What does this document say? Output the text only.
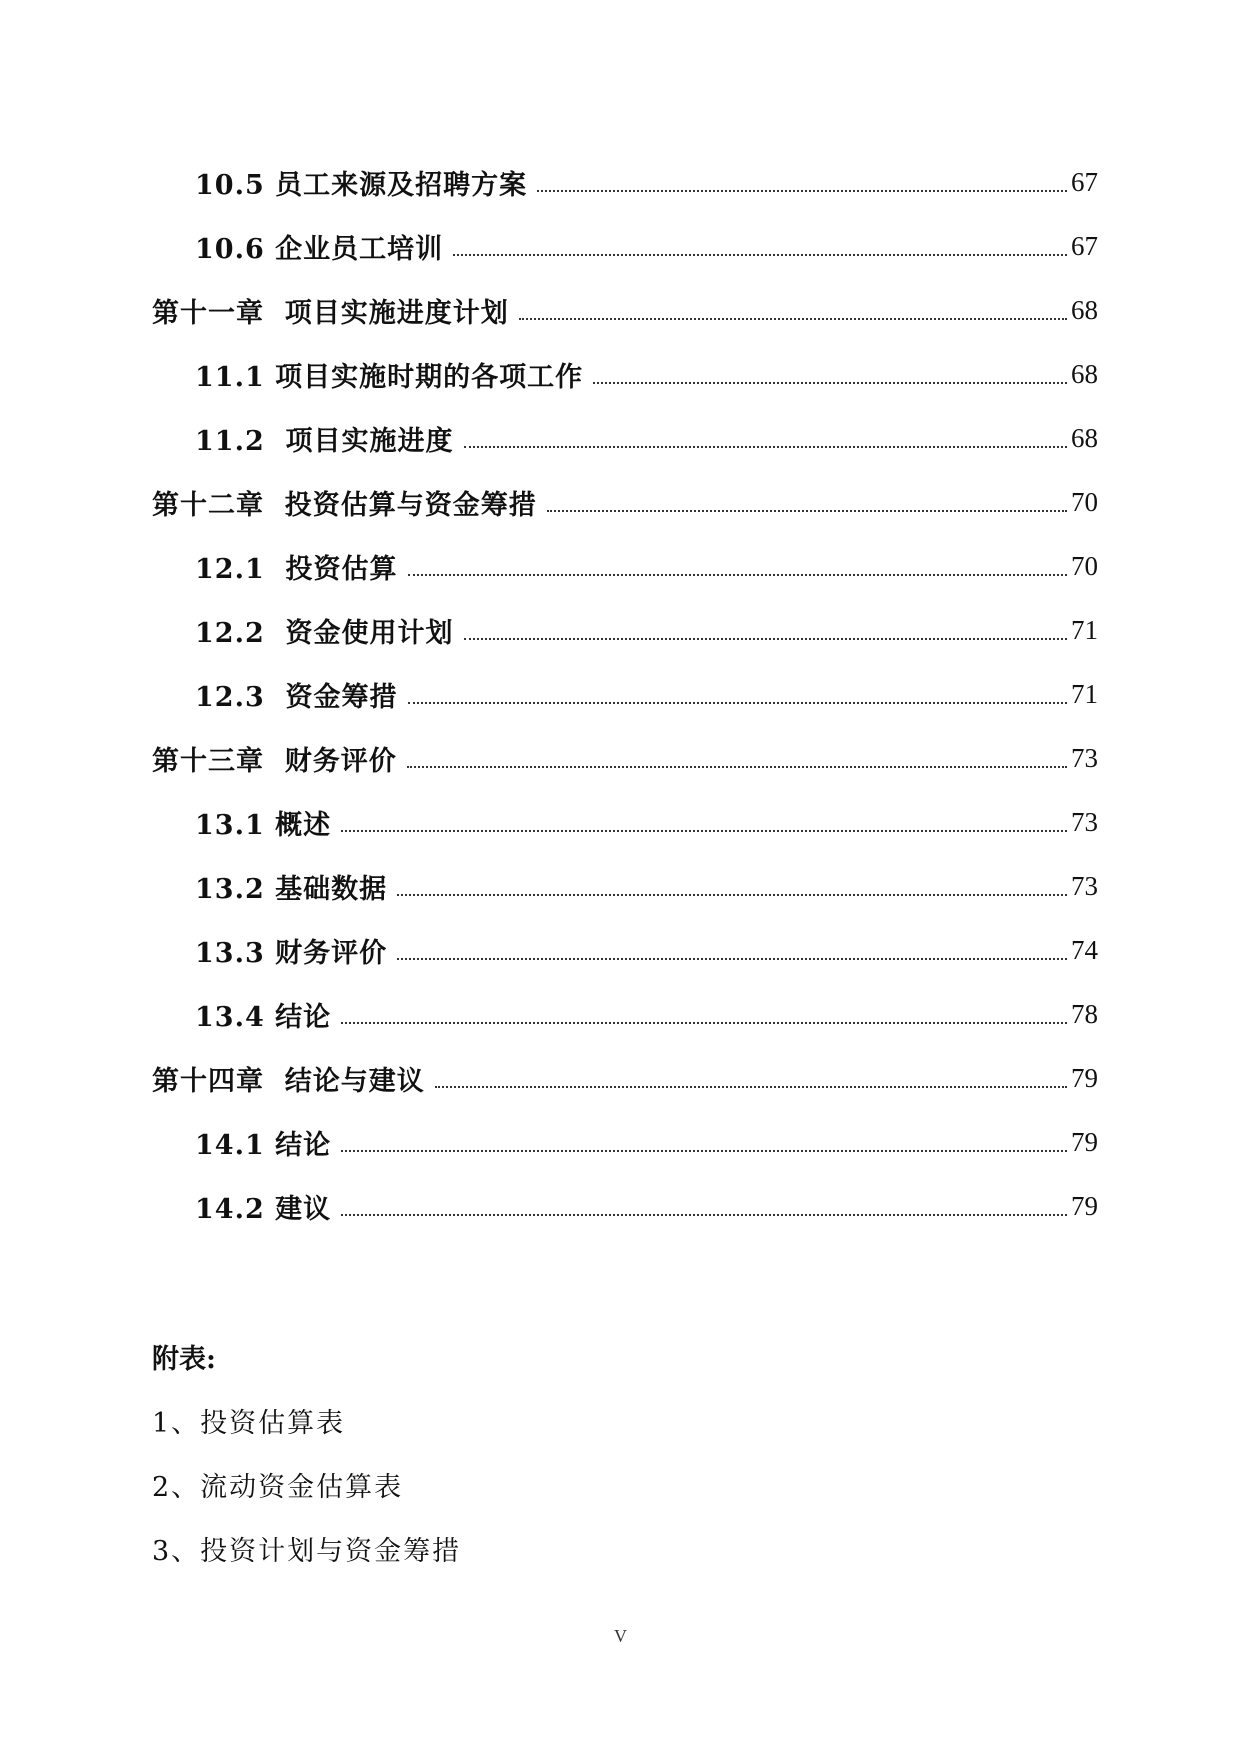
10.5 员工来源及招聘方案	67
10.6 企业员工培训	67
第十一章  项目实施进度计划	68
11.1 项目实施时期的各项工作	68
11.2  项目实施进度	68
第十二章  投资估算与资金筹措	70
12.1  投资估算	70
12.2  资金使用计划	71
12.3  资金筹措	71
第十三章  财务评价	73
13.1 概述	73
13.2 基础数据	73
13.3 财务评价	74
13.4 结论	78
第十四章  结论与建议	79
14.1 结论	79
14.2 建议	79
附表:
1、投资估算表
2、流动资金估算表
3、投资计划与资金筹措
V
